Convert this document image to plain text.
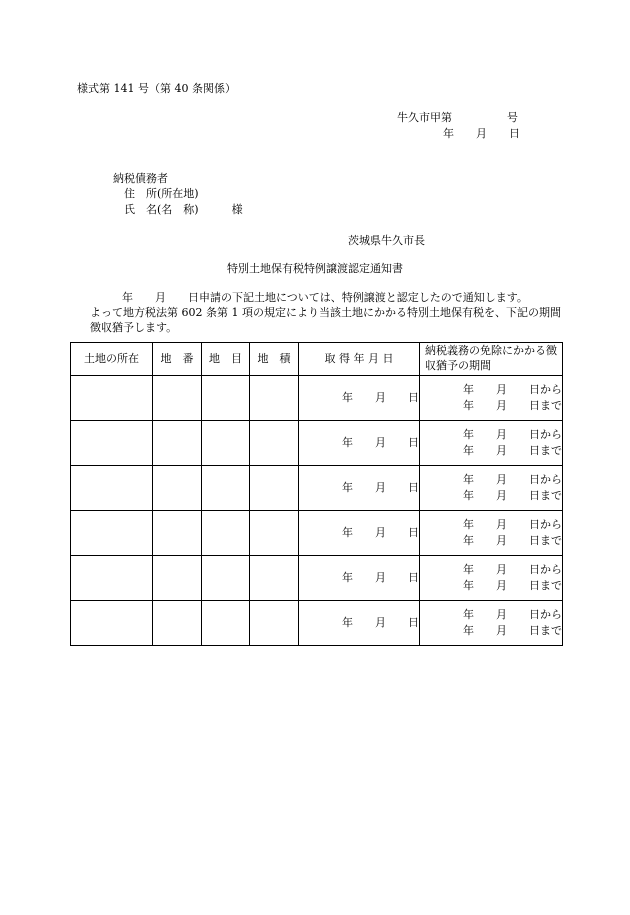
様式第 141 号（第 40 条関係）
牛久市甲第　　　　　号
年　　月　　日
納税債務者
住　所(所在地)
氏　名(名　称)　　　様
茨城県牛久市長
特別土地保有税特例譲渡認定通知書
年　　月　　日申請の下記土地については、特例譲渡と認定したので通知します。
よって地方税法第 602 条第 1 項の規定により当該土地にかかる特別土地保有税を、下記の期間徴収猶予します。
土地の所在	地　番	地　目	地　積	取 得 年 月 日	納税義務の免除にかかる徴収猶予の期間
				年　　月　　日	年　　月　　日から
年　　月　　日まで

				年　　月　　日	年　　月　　日から
年　　月　　日まで

				年　　月　　日	年　　月　　日から
年　　月　　日まで

				年　　月　　日	年　　月　　日から
年　　月　　日まで

				年　　月　　日	年　　月　　日から
年　　月　　日まで

				年　　月　　日	年　　月　　日から
年　　月　　日まで
